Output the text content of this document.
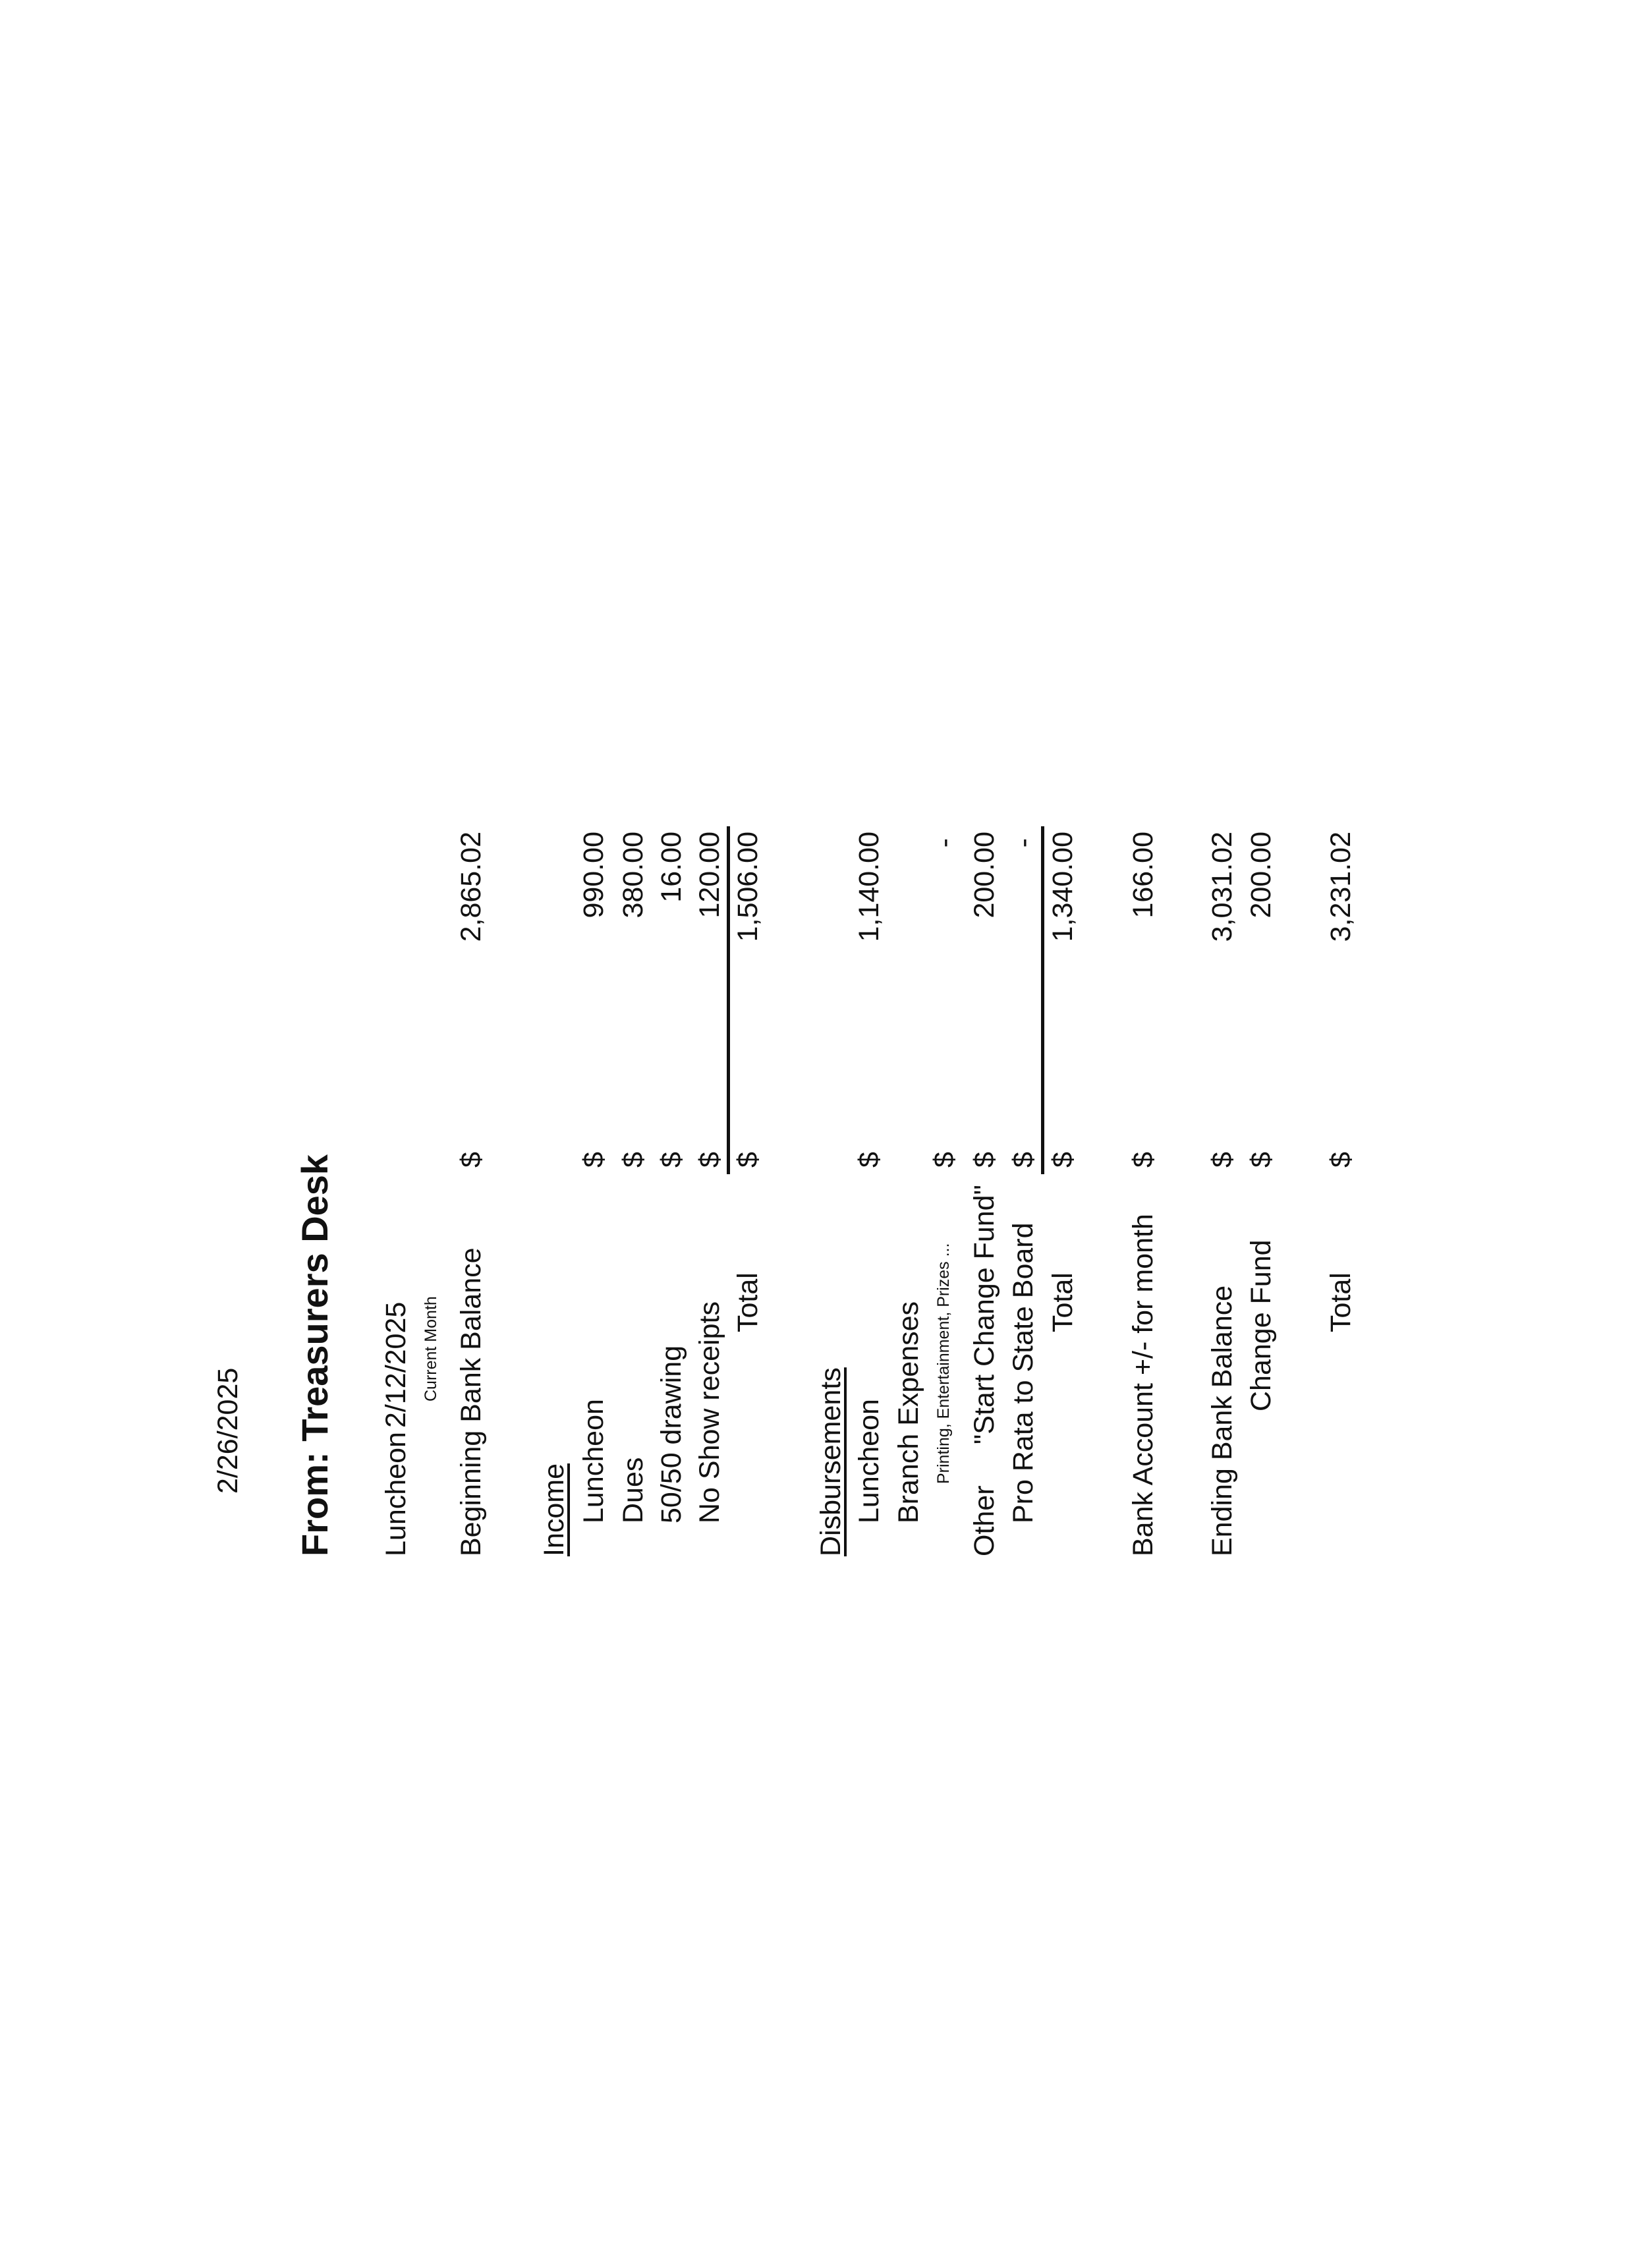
2/26/2025 From: Treasurers Desk Luncheon
2/12/2025 Current Month Beginning Bank Balance
$
2,865.02
Income Luncheon
$
990.00
Dues
$
380.00
50/50 drawing
$
16.00
No Show receipts
$
120.00
Total
$
1,506.00
Disbursements Luncheon
$
1,140.00
Branch Expenses Printing, Entertainment, Prizes ...
$
-
Other
"Start Change Fund"
$
200.00
Pro Rata to State Board
$
-
Total
$
1,340.00
Bank Account +/- for month
$
166.00
Ending Bank Balance
$
3,031.02
Change Fund
$
200.00
Total
$
3,231.02
